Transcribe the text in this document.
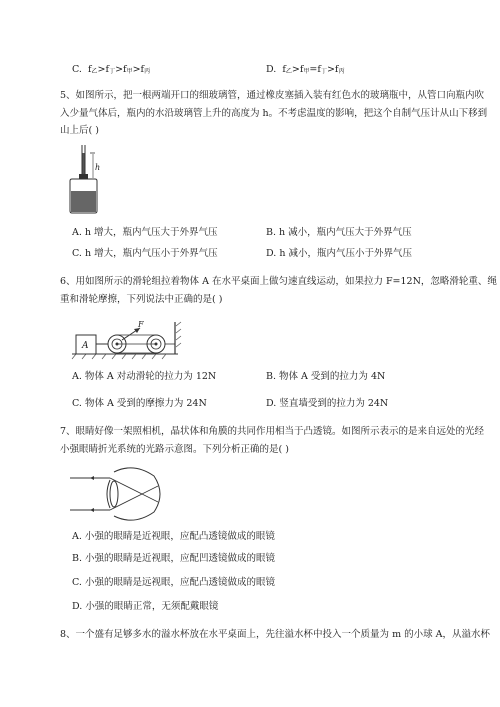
C. $f_乙>f_丁>f_甲>f_丙$	D. $f_乙>f_甲=f_丁>f_丙$
5、如图所示，把一根两端开口的细玻璃管，通过橡皮塞插入装有红色水的玻璃瓶中，从管口向瓶内吹
入少量气体后，瓶内的水沿玻璃管上升的高度为 h。不考虑温度的影响，把这个自制气压计从山下移到
山上后( )
h
A. h 增大，瓶内气压大于外界气压	B. h 减小，瓶内气压大于外界气压
C. h 增大，瓶内气压小于外界气压	D. h 减小，瓶内气压小于外界气压
6、用如图所示的滑轮组拉着物体 A 在水平桌面上做匀速直线运动，如果拉力 F=12N，忽略滑轮重、绳
重和滑轮摩擦，下列说法中正确的是( )
A
F
A. 物体 A 对动滑轮的拉力为 12N	B. 物体 A 受到的拉力为 4N
C. 物体 A 受到的摩擦力为 24N	D. 竖直墙受到的拉力为 24N
7、眼睛好像一架照相机，晶状体和角膜的共同作用相当于凸透镜。如图所示表示的是来自远处的光经
小强眼睛折光系统的光路示意图。下列分析正确的是( )
A. 小强的眼睛是近视眼，应配凸透镜做成的眼镜
B. 小强的眼睛是近视眼，应配凹透镜做成的眼镜
C. 小强的眼睛是远视眼，应配凸透镜做成的眼镜
D. 小强的眼睛正常，无须配戴眼镜
8、一个盛有足够多水的溢水杯放在水平桌面上，先往溢水杯中投入一个质量为 m 的小球 A，从溢水杯
